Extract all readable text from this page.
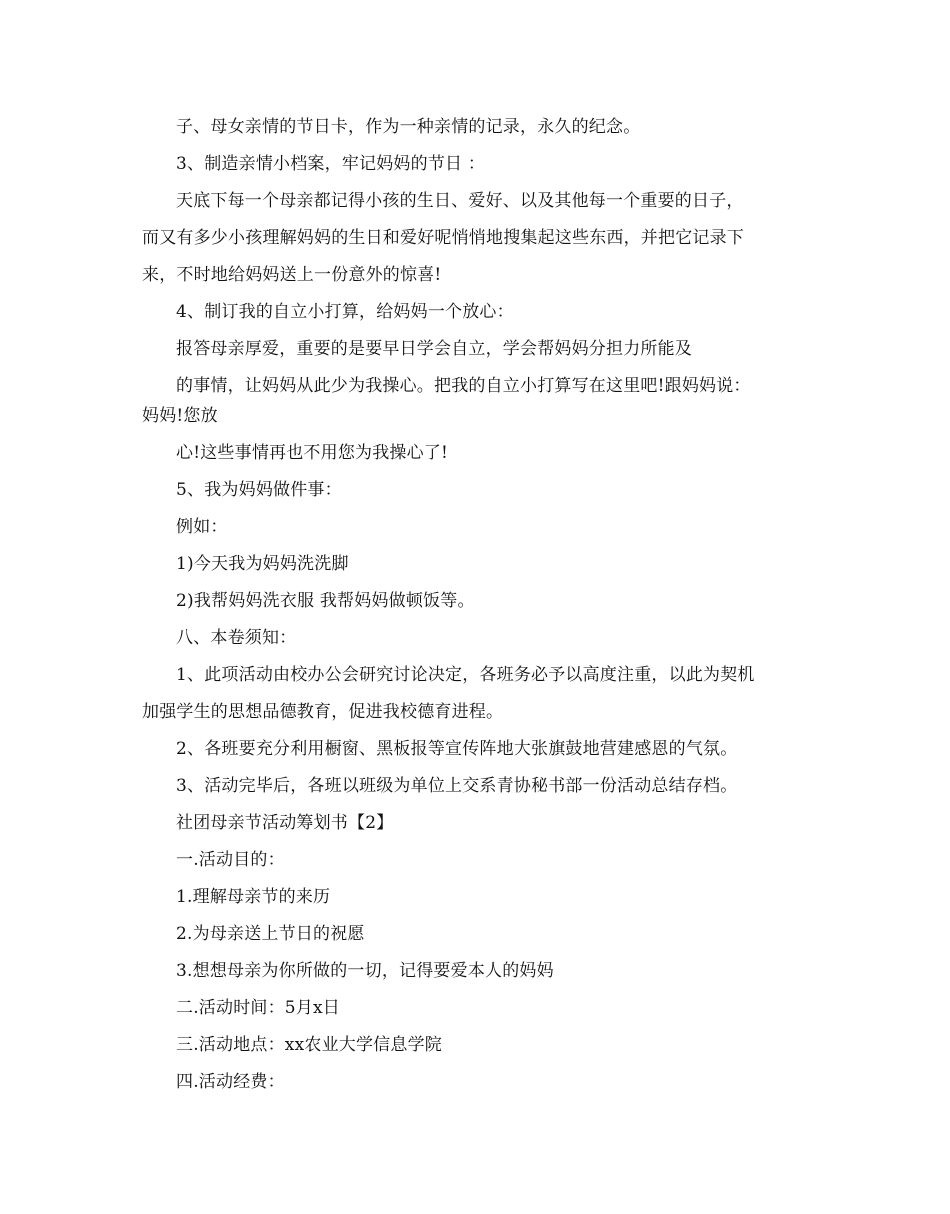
子、母女亲情的节日卡，作为一种亲情的记录，永久的纪念。
3、制造亲情小档案，牢记妈妈的节日 ：
天底下每一个母亲都记得小孩的生日、爱好、以及其他每一个重要的日子，
而又有多少小孩理解妈妈的生日和爱好呢悄悄地搜集起这些东西，并把它记录下
来，不时地给妈妈送上一份意外的惊喜!
4、制订我的自立小打算，给妈妈一个放心：
报答母亲厚爱，重要的是要早日学会自立，学会帮妈妈分担力所能及
的事情，让妈妈从此少为我操心。把我的自立小打算写在这里吧!跟妈妈说：
妈妈!您放
心!这些事情再也不用您为我操心了!
5、我为妈妈做件事：
例如：
1)今天我为妈妈洗洗脚
2)我帮妈妈洗衣服 我帮妈妈做顿饭等。
八、本卷须知：
1、此项活动由校办公会研究讨论决定，各班务必予以高度注重，以此为契机
加强学生的思想品德教育，促进我校德育进程。
2、各班要充分利用橱窗、黑板报等宣传阵地大张旗鼓地营建感恩的气氛。
3、活动完毕后，各班以班级为单位上交系青协秘书部一份活动总结存档。
社团母亲节活动筹划书【2】
一.活动目的：
1.理解母亲节的来历
2.为母亲送上节日的祝愿
3.想想母亲为你所做的一切，记得要爱本人的妈妈
二.活动时间：5月x日
三.活动地点：xx农业大学信息学院
四.活动经费：
